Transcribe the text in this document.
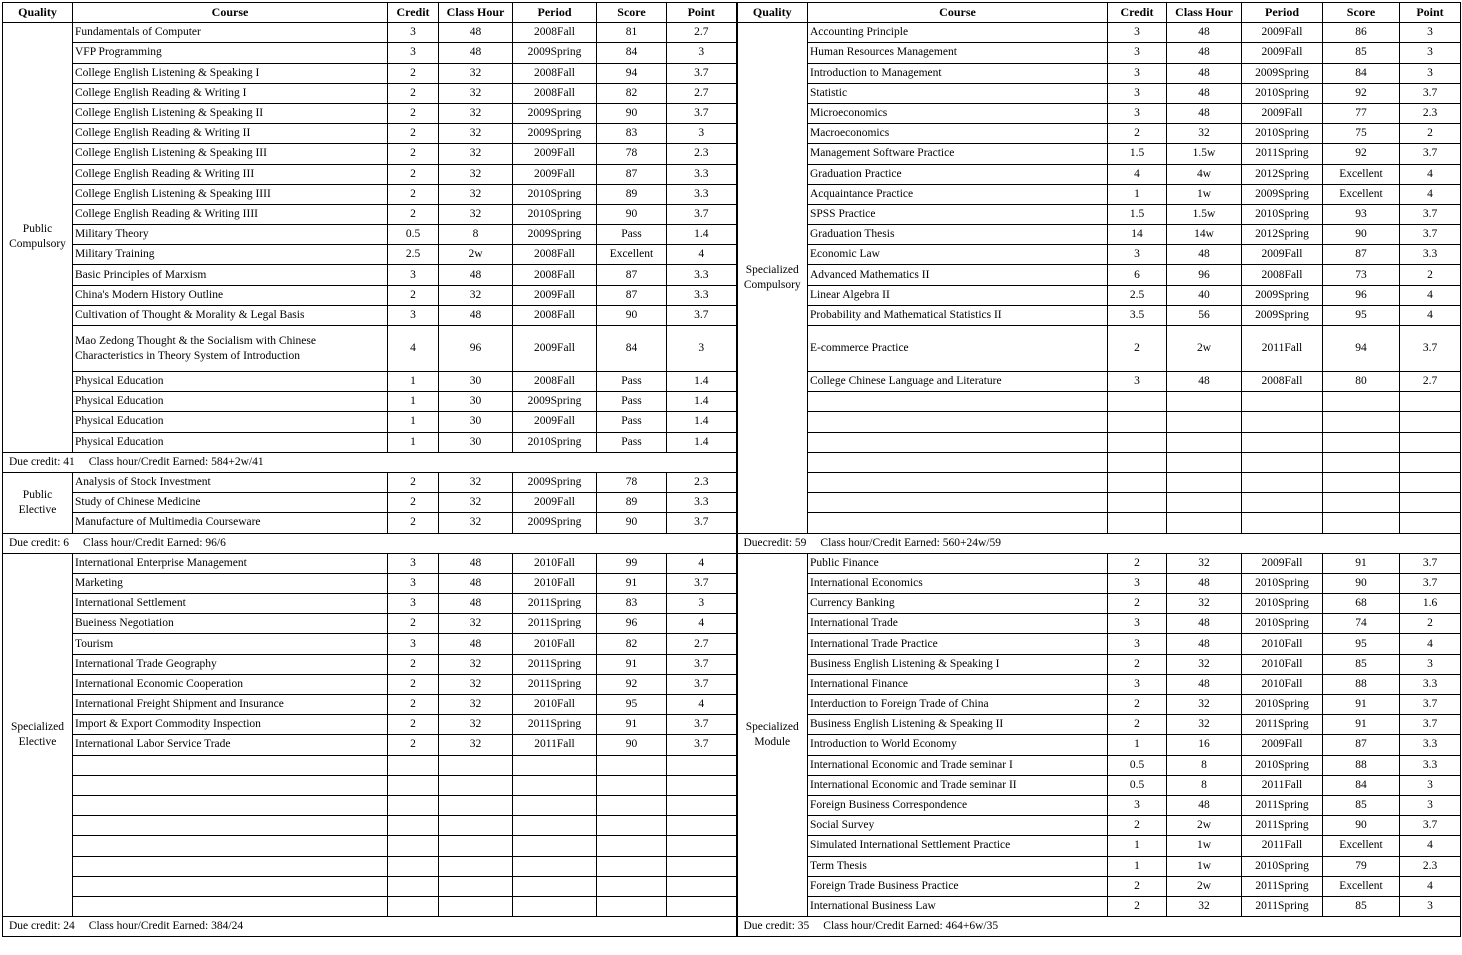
Quality	Course	Credit	Class Hour	Period	Score	Point	Quality	Course	Credit	Class Hour	Period	Score	Point
Public Compulsory	Fundamentals of Computer	3	48	2008Fall	81	2.7	Specialized Compulsory	Accounting Principle	3	48	2009Fall	86	3
	VFP Programming	3	48	2009Spring	84	3		Human Resources Management	3	48	2009Fall	85	3
	College English Listening & Speaking I	2	32	2008Fall	94	3.7		Introduction to Management	3	48	2009Spring	84	3
	College English Reading & Writing I	2	32	2008Fall	82	2.7		Statistic	3	48	2010Spring	92	3.7
	College English Listening & Speaking II	2	32	2009Spring	90	3.7		Microeconomics	3	48	2009Fall	77	2.3
	College English Reading & Writing II	2	32	2009Spring	83	3		Macroeconomics	2	32	2010Spring	75	2
	College English Listening & Speaking III	2	32	2009Fall	78	2.3		Management Software Practice	1.5	1.5w	2011Spring	92	3.7
	College English Reading & Writing III	2	32	2009Fall	87	3.3		Graduation Practice	4	4w	2012Spring	Excellent	4
	College English Listening & Speaking IIII	2	32	2010Spring	89	3.3		Acquaintance Practice	1	1w	2009Spring	Excellent	4
	College English Reading & Writing IIII	2	32	2010Spring	90	3.7		SPSS Practice	1.5	1.5w	2010Spring	93	3.7
	Military Theory	0.5	8	2009Spring	Pass	1.4		Graduation Thesis	14	14w	2012Spring	90	3.7
	Military Training	2.5	2w	2008Fall	Excellent	4		Economic Law	3	48	2009Fall	87	3.3
	Basic Principles of Marxism	3	48	2008Fall	87	3.3		Advanced Mathematics II	6	96	2008Fall	73	2
	China's Modern History Outline	2	32	2009Fall	87	3.3		Linear Algebra II	2.5	40	2009Spring	96	4
	Cultivation of Thought & Morality & Legal Basis	3	48	2008Fall	90	3.7		Probability and Mathematical Statistics II	3.5	56	2009Spring	95	4
	Mao Zedong Thought & the Socialism with Chinese Characteristics in Theory System of Introduction	4	96	2009Fall	84	3		E-commerce Practice	2	2w	2011Fall	94	3.7
	Physical Education	1	30	2008Fall	Pass	1.4		College Chinese Language and Literature	3	48	2008Fall	80	2.7
	Physical Education	1	30	2009Spring	Pass	1.4							
	Physical Education	1	30	2009Fall	Pass	1.4							
	Physical Education	1	30	2010Spring	Pass	1.4							
Due credit: 41 Class hour/Credit Earned: 584+2w/41													
Public Elective	Analysis of Stock Investment	2	32	2009Spring	78	2.3							
	Study of Chinese Medicine	2	32	2009Fall	89	3.3							
	Manufacture of Multimedia Courseware	2	32	2009Spring	90	3.7							
Due credit: 6 Class hour/Credit Earned: 96/6							Duecredit: 59 Class hour/Credit Earned: 560+24w/59						
Specialized Elective	International Enterprise Management	3	48	2010Fall	99	4	Specialized Module	Public Finance	2	32	2009Fall	91	3.7
	Marketing	3	48	2010Fall	91	3.7		International Economics	3	48	2010Spring	90	3.7
	International Settlement	3	48	2011Spring	83	3		Currency Banking	2	32	2010Spring	68	1.6
	Bueiness Negotiation	2	32	2011Spring	96	4		International Trade	3	48	2010Spring	74	2
	Tourism	3	48	2010Fall	82	2.7		International Trade Practice	3	48	2010Fall	95	4
	International Trade Geography	2	32	2011Spring	91	3.7		Business English Listening & Speaking I	2	32	2010Fall	85	3
	International Economic Cooperation	2	32	2011Spring	92	3.7		International Finance	3	48	2010Fall	88	3.3
	International Freight Shipment and Insurance	2	32	2010Fall	95	4		Interduction to Foreign Trade of China	2	32	2010Spring	91	3.7
	Import & Export Commodity Inspection	2	32	2011Spring	91	3.7		Business English Listening & Speaking II	2	32	2011Spring	91	3.7
	International Labor Service Trade	2	32	2011Fall	90	3.7		Introduction to World Economy	1	16	2009Fall	87	3.3
								International Economic and Trade seminar I	0.5	8	2010Spring	88	3.3
								International Economic and Trade seminar II	0.5	8	2011Fall	84	3
								Foreign Business Correspondence	3	48	2011Spring	85	3
								Social Survey	2	2w	2011Spring	90	3.7
								Simulated International Settlement Practice	1	1w	2011Fall	Excellent	4
								Term Thesis	1	1w	2010Spring	79	2.3
								Foreign Trade Business Practice	2	2w	2011Spring	Excellent	4
								International Business Law	2	32	2011Spring	85	3
Due credit: 24 Class hour/Credit Earned: 384/24							Due credit: 35 Class hour/Credit Earned: 464+6w/35						
